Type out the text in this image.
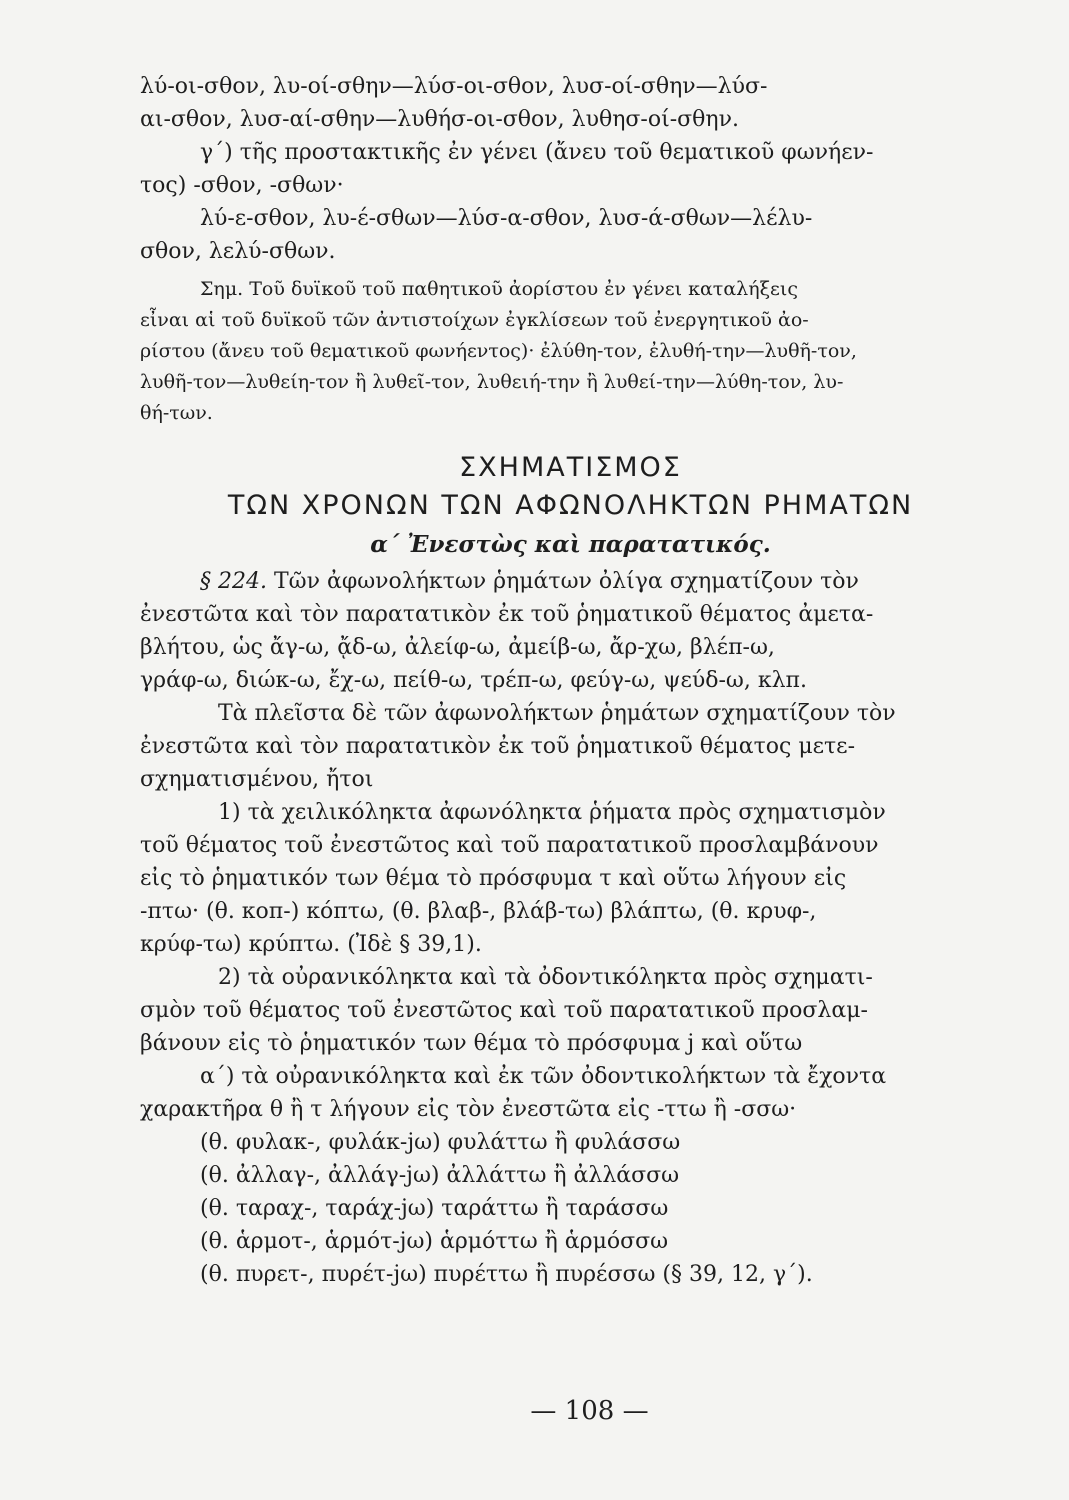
λύ-οι-σθον, λυ-οί-σθην—λύσ-οι-σθον, λυσ-οί-σθην—λύσ-
αι-σθον, λυσ-αί-σθην—λυθήσ-οι-σθον, λυθησ-οί-σθην.
γ΄) τῆς προστακτικῆς ἐν γένει (ἄνευ τοῦ θεματικοῦ φωνήεν-
τος) -σθον, -σθων·
λύ-ε-σθον, λυ-έ-σθων—λύσ-α-σθον, λυσ-ά-σθων—λέλυ-
σθον, λελύ-σθων.
Σημ. Τοῦ δυϊκοῦ τοῦ παθητικοῦ ἀορίστου ἐν γένει καταλήξεις
εἶναι αἱ τοῦ δυϊκοῦ τῶν ἀντιστοίχων ἐγκλίσεων τοῦ ἐνεργητικοῦ ἀο-
ρίστου (ἄνευ τοῦ θεματικοῦ φωνήεντος)· ἐλύθη-τον, ἐλυθή-την—λυθῆ-τον,
λυθῆ-τον—λυθείη-τον ἢ λυθεῖ-τον, λυθειή-την ἢ λυθεί-την—λύθη-τον, λυ-
θή-των.
ΣΧΗΜΑΤΙΣΜΟΣ
ΤΩΝ ΧΡΟΝΩΝ ΤΩΝ ΑΦΩΝΟΛΗΚΤΩΝ ΡΗΜΑΤΩΝ
α΄ Ἐνεστὼς καὶ παρατατικός.
§ 224. Τῶν ἀφωνολήκτων ῥημάτων ὀλίγα σχηματίζουν τὸν
ἐνεστῶτα καὶ τὸν παρατατικὸν ἐκ τοῦ ῥηματικοῦ θέματος ἀμετα-
βλήτου, ὡς ἄγ-ω, ᾄδ-ω, ἀλείφ-ω, ἀμείβ-ω, ἄρ-χω, βλέπ-ω,
γράφ-ω, διώκ-ω, ἔχ-ω, πείθ-ω, τρέπ-ω, φεύγ-ω, ψεύδ-ω, κλπ.
Τὰ πλεῖστα δὲ τῶν ἀφωνολήκτων ῥημάτων σχηματίζουν τὸν
ἐνεστῶτα καὶ τὸν παρατατικὸν ἐκ τοῦ ῥηματικοῦ θέματος μετε-
σχηματισμένου, ἤτοι
1) τὰ χειλικόληκτα ἀφωνόληκτα ῥήματα πρὸς σχηματισμὸν
τοῦ θέματος τοῦ ἐνεστῶτος καὶ τοῦ παρατατικοῦ προσλαμβάνουν
εἰς τὸ ῥηματικόν των θέμα τὸ πρόσφυμα τ καὶ οὕτω λήγουν εἰς
-πτω· (θ. κοπ-) κόπτω, (θ. βλαβ-, βλάβ-τω) βλάπτω, (θ. κρυφ-,
κρύφ-τω) κρύπτω. (Ἰδὲ § 39,1).
2) τὰ οὐρανικόληκτα καὶ τὰ ὀδοντικόληκτα πρὸς σχηματι-
σμὸν τοῦ θέματος τοῦ ἐνεστῶτος καὶ τοῦ παρατατικοῦ προσλαμ-
βάνουν εἰς τὸ ῥηματικόν των θέμα τὸ πρόσφυμα j καὶ οὕτω
α΄) τὰ οὐρανικόληκτα καὶ ἐκ τῶν ὀδοντικολήκτων τὰ ἔχοντα
χαρακτῆρα θ ἢ τ λήγουν εἰς τὸν ἐνεστῶτα εἰς -ττω ἢ -σσω·
(θ. φυλακ-, φυλάκ-jω) φυλάττω ἢ φυλάσσω
(θ. ἀλλαγ-, ἀλλάγ-jω) ἀλλάττω ἢ ἀλλάσσω
(θ. ταραχ-, ταράχ-jω) ταράττω ἢ ταράσσω
(θ. ἁρμοτ-, ἁρμότ-jω) ἁρμόττω ἢ ἁρμόσσω
(θ. πυρετ-, πυρέτ-jω) πυρέττω ἢ πυρέσσω (§ 39, 12, γ΄).
— 108 —
